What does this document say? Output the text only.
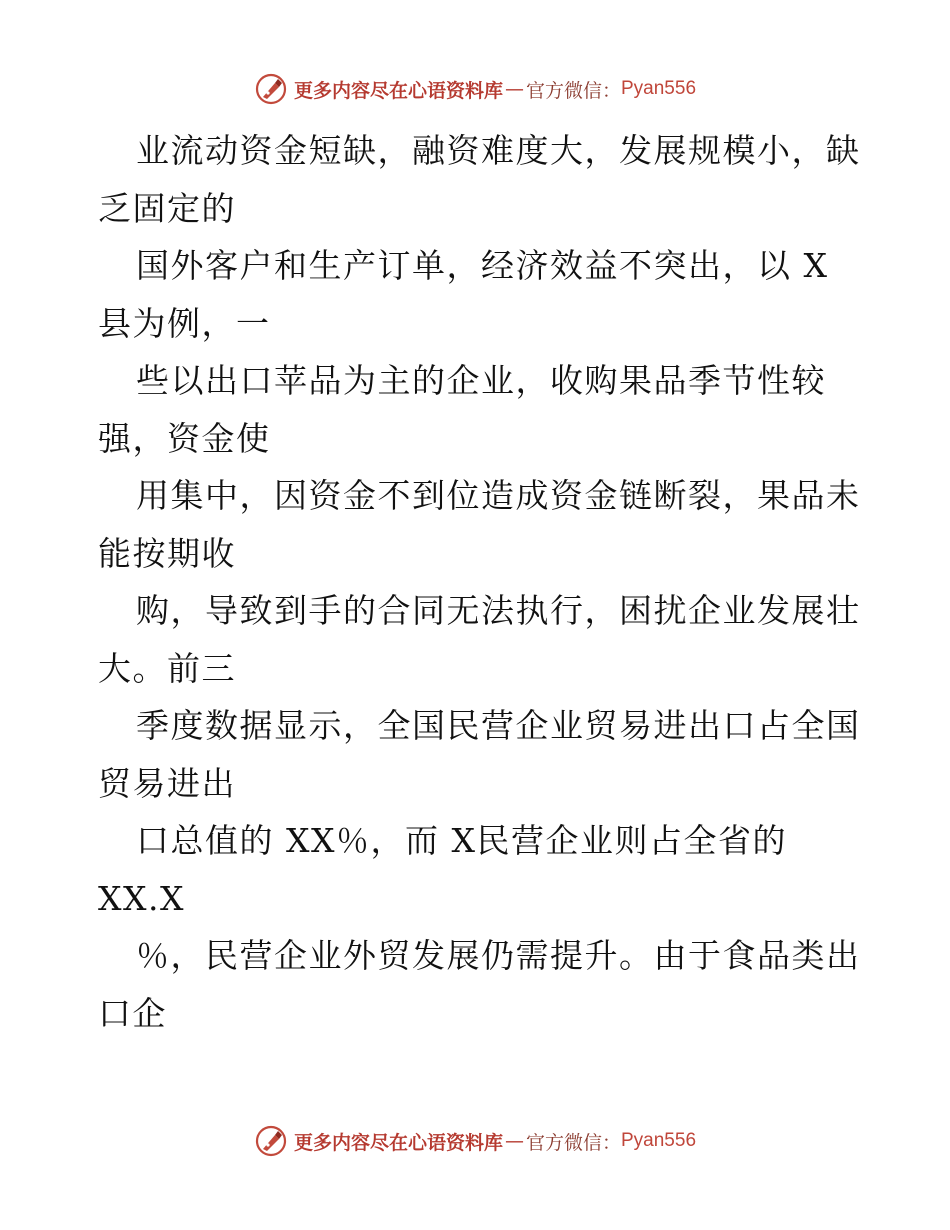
更多内容尽在心语资料库 — 官方微信： Pyan556
业流动资金短缺，融资难度大，发展规模小，缺
乏固定的
国外客户和生产订单，经济效益不突出，以 X
县为例，一
些以出口苹品为主的企业，收购果品季节性较
强，资金使
用集中，因资金不到位造成资金链断裂，果品未
能按期收
购，导致到手的合同无法执行，困扰企业发展壮
大。前三
季度数据显示，全国民营企业贸易进出口占全国
贸易进出
口总值的 XX％，而 X民营企业则占全省的
XX.X
％，民营企业外贸发展仍需提升。由于食品类出
口企
更多内容尽在心语资料库 — 官方微信： Pyan556
